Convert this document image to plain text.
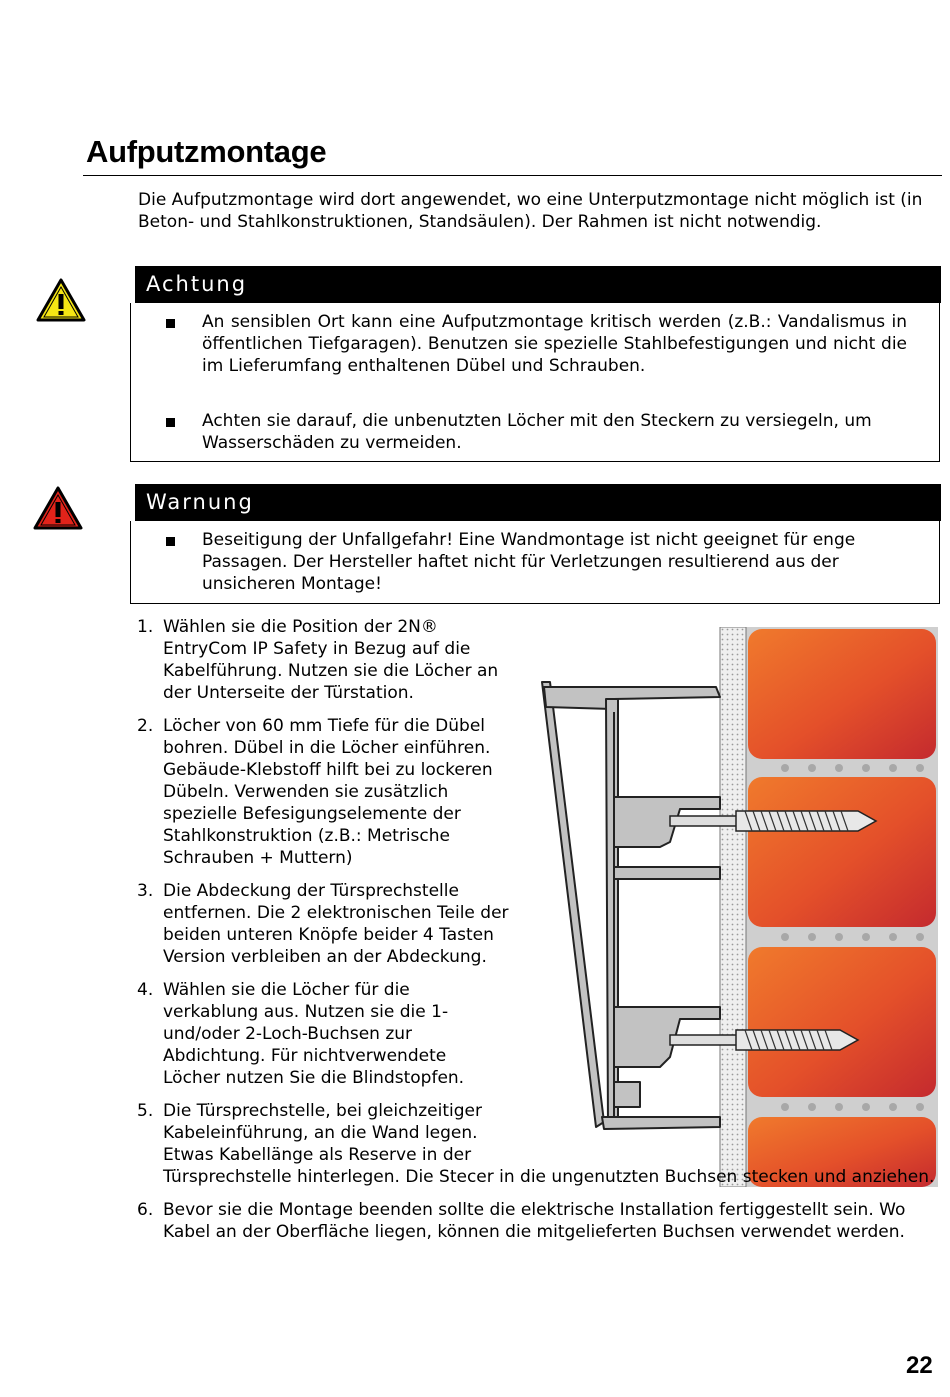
Aufputzmontage
Die Aufputzmontage wird dort angewendet, wo eine Unterputzmontage nicht möglich ist (in Beton- und Stahlkonstruktionen, Standsäulen). Der Rahmen ist nicht notwendig.
Achtung
An sensiblen Ort kann eine Aufputzmontage kritisch werden (z.B.: Vandalismus in öffentlichen Tiefgaragen). Benutzen sie spezielle Stahlbefestigungen und nicht die im Lieferumfang enthaltenen Dübel und Schrauben.
Achten sie darauf, die unbenutzten Löcher mit den Steckern zu versiegeln, um Wasserschäden zu vermeiden.
Warnung
Beseitigung der Unfallgefahr! Eine Wandmontage ist nicht geeignet für enge Passagen. Der Hersteller haftet nicht für Verletzungen resultierend aus der unsicheren Montage!
1. Wählen sie die Position der 2N® EntryCom IP Safety in Bezug auf die Kabelführung. Nutzen sie die Löcher an der Unterseite der Türstation.
2. Löcher von 60 mm Tiefe für die Dübel bohren. Dübel in die Löcher einführen. Gebäude-Klebstoff hilft bei zu lockeren Dübeln. Verwenden sie zusätzlich spezielle Befesigungselemente der Stahlkonstruktion (z.B.: Metrische Schrauben + Muttern)
3. Die Abdeckung der Türsprechstelle entfernen. Die 2 elektronischen Teile der beiden unteren Knöpfe beider 4 Tasten Version verbleiben an der Abdeckung.
4. Wählen sie die Löcher für die verkablung aus. Nutzen sie die 1- und/oder 2-Loch-Buchsen zur Abdichtung. Für nichtverwendete Löcher nutzen Sie die Blindstopfen.
5. Die Türsprechstelle, bei gleichzeitiger Kabeleinführung, an die Wand legen. Etwas Kabellänge als Reserve in der Türsprechstelle hinterlegen. Die Stecer in die ungenutzten Buchsen stecken und anziehen.
6. Bevor sie die Montage beenden sollte die elektrische Installation fertiggestellt sein. Wo Kabel an der Oberfläche liegen, können die mitgelieferten Buchsen verwendet werden.
22
